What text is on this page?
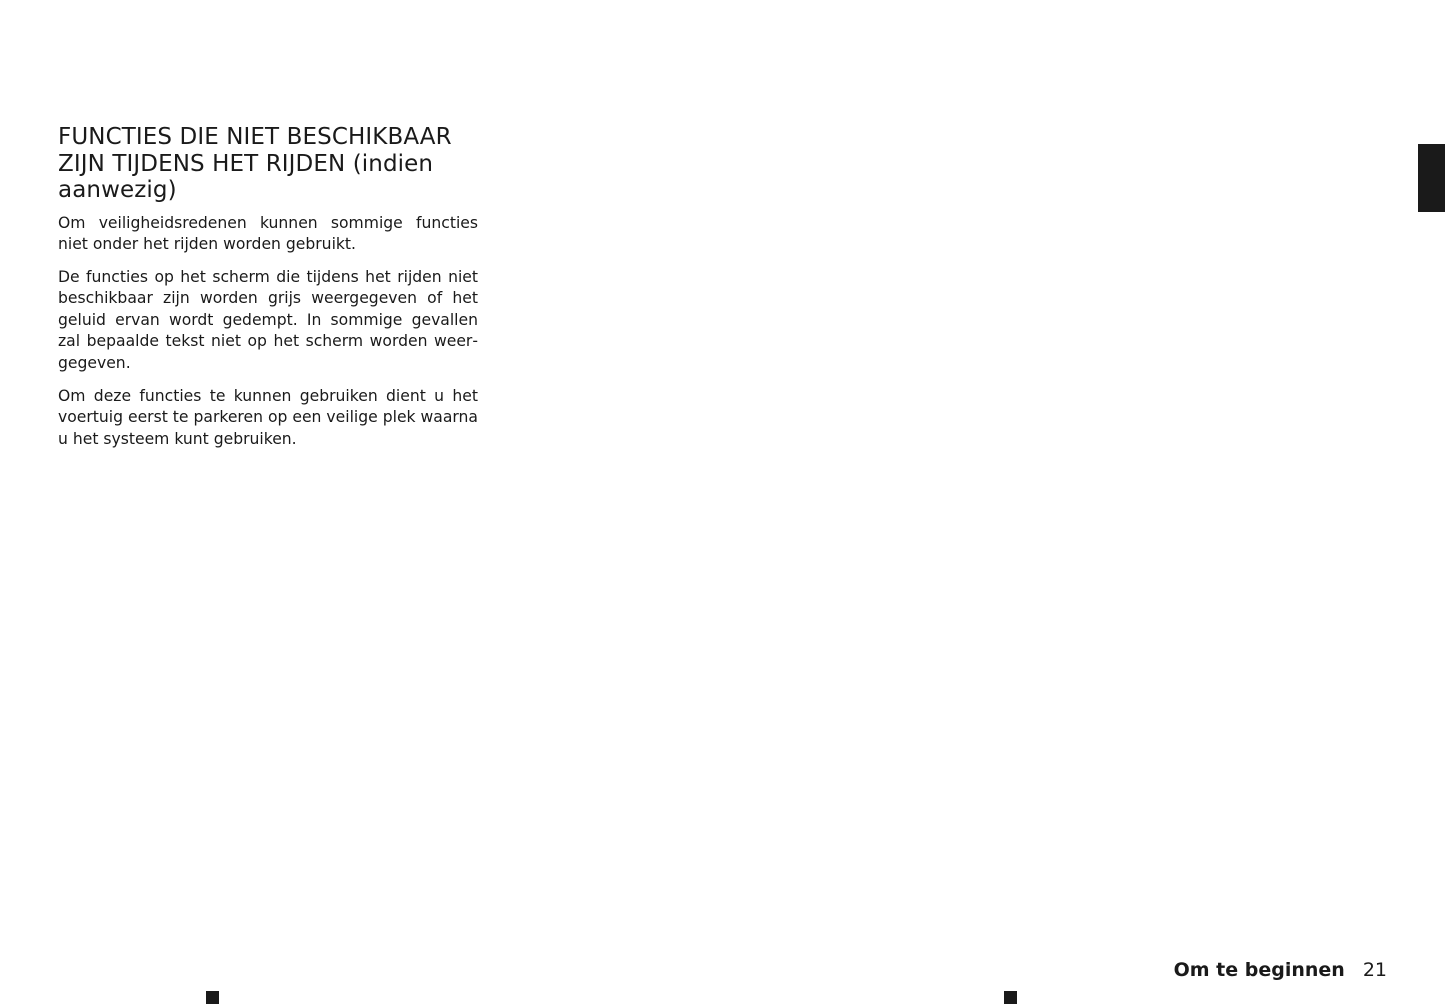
FUNCTIES DIE NIET BESCHIKBAAR ZIJN TIJDENS HET RIJDEN (indien aanwezig)

Om veiligheidsredenen kunnen sommige functies niet onder het rijden worden gebruikt.

De functies op het scherm die tijdens het rijden niet beschikbaar zijn worden grijs weergegeven of het geluid ervan wordt gedempt. In sommige gevallen zal bepaalde tekst niet op het scherm worden weergegeven.

Om deze functies te kunnen gebruiken dient u het voertuig eerst te parkeren op een veilige plek waarna u het systeem kunt gebruiken.

Om te beginnen 21
